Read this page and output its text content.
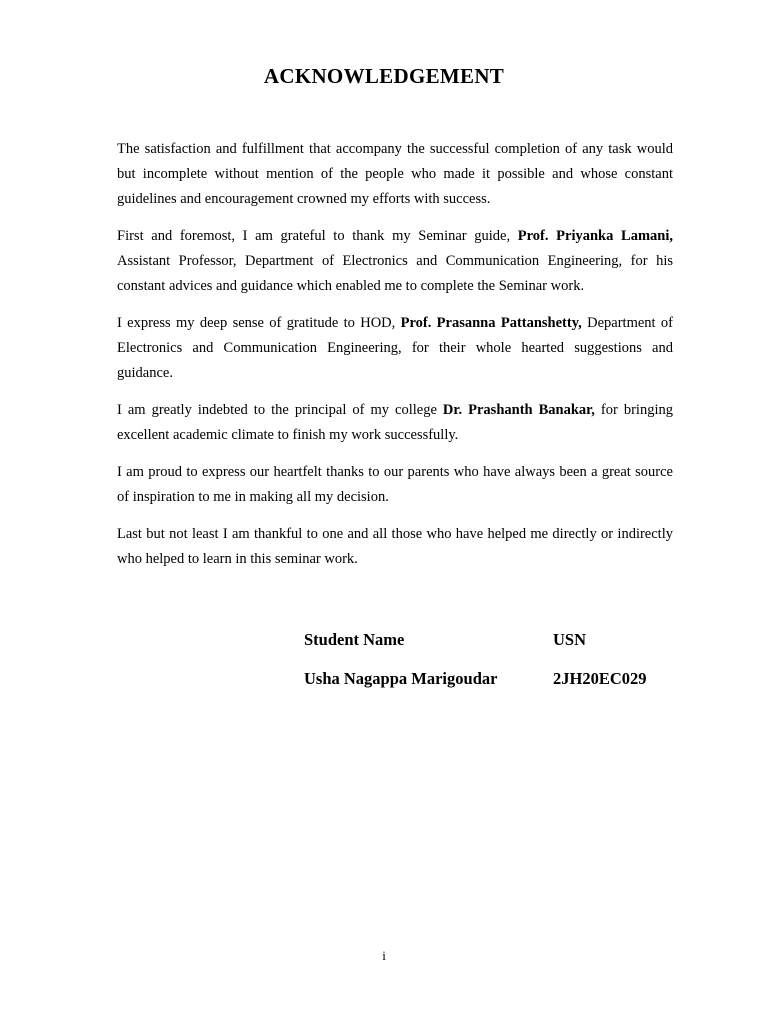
ACKNOWLEDGEMENT

The satisfaction and fulfillment that accompany the successful completion of any task would but incomplete without mention of the people who made it possible and whose constant guidelines and encouragement crowned my efforts with success.

First and foremost, I am grateful to thank my Seminar guide, Prof. Priyanka Lamani, Assistant Professor, Department of Electronics and Communication Engineering, for his constant advices and guidance which enabled me to complete the Seminar work.

I express my deep sense of gratitude to HOD, Prof. Prasanna Pattanshetty, Department of Electronics and Communication Engineering, for their whole hearted suggestions and guidance.

I am greatly indebted to the principal of my college Dr. Prashanth Banakar, for bringing excellent academic climate to finish my work successfully.

I am proud to express our heartfelt thanks to our parents who have always been a great source of inspiration to me in making all my decision.

Last but not least I am thankful to one and all those who have helped me directly or indirectly who helped to learn in this seminar work.

Student Name	USN
Usha Nagappa Marigoudar	2JH20EC029
i
